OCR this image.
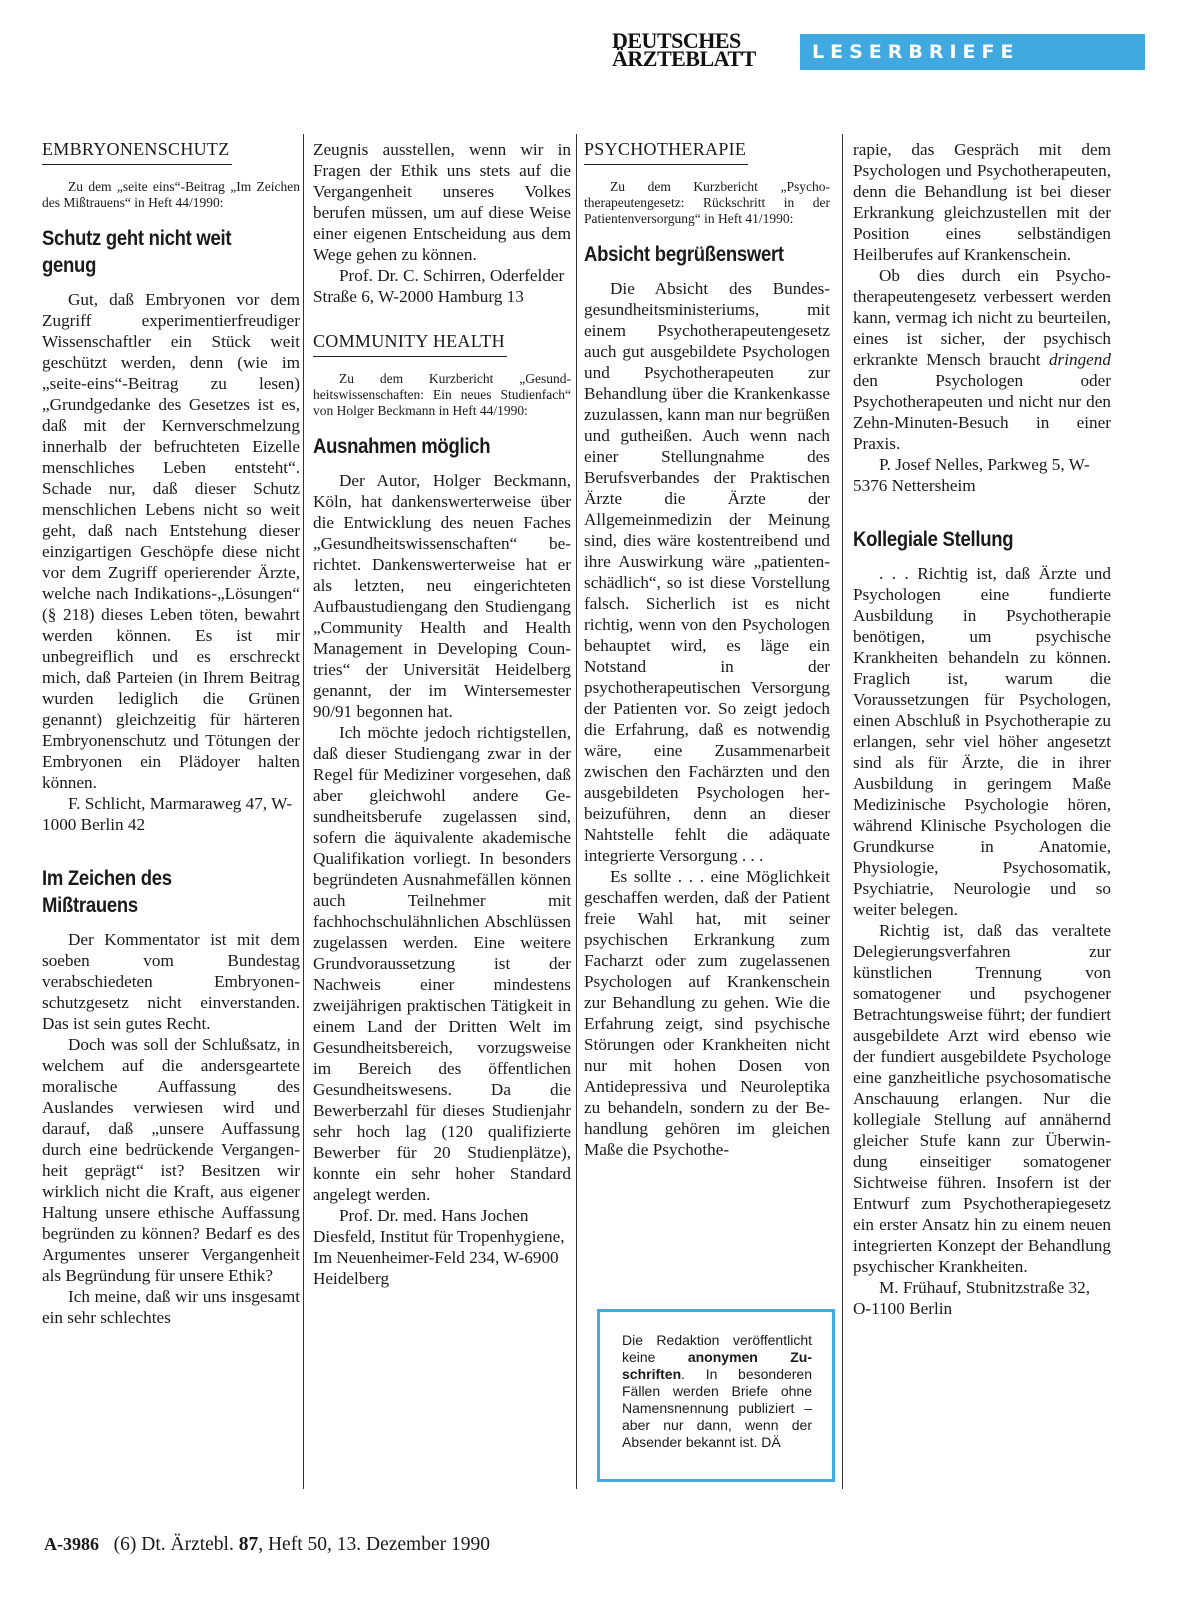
DEUTSCHES
ÄRZTEBLATT	LESERBRIEFE
EMBRYONENSCHUTZ
Zu dem „seite eins“-Beitrag „Im Zeichen des Mißtrauens“ in Heft 44/1990:
Schutz geht nicht weit genug

Gut, daß Embryonen vor dem Zugriff experimentierfreudiger Wissenschaftler ein Stück weit geschützt werden, denn (wie im „seite-eins“-Beitrag zu lesen) „Grundgedanke des Gesetzes ist es, daß mit der Kernverschmelzung innerhalb der befruchteten Eizelle menschliches Leben entsteht“. Schade nur, daß dieser Schutz menschlichen Lebens nicht so weit geht, daß nach Entstehung dieser einzigartigen Geschöpfe diese nicht vor dem Zugriff operierender Ärzte, welche nach Indikations-„Lösungen“ (§ 218) dieses Leben töten, bewahrt werden können. Es ist mir unbegreiflich und es erschreckt mich, daß Parteien (in Ihrem Beitrag wurden lediglich die Grünen genannt) gleichzeitig für härteren Embryonenschutz und Tötungen der Embryonen ein Plädoyer halten können.

F. Schlicht, Marmaraweg 47, W-1000 Berlin 42

Im Zeichen des Mißtrauens

Der Kommentator ist mit dem soeben vom Bundestag verabschiedeten Embryonenschutzgesetz nicht einverstanden. Das ist sein gutes Recht.

Doch was soll der Schlußsatz, in welchem auf die andersgeartete moralische Auffassung des Auslandes verwiesen wird und darauf, daß „unsere Auffassung durch eine bedrückende Vergangenheit geprägt“ ist? Besitzen wir wirklich nicht die Kraft, aus eigener Haltung unsere ethische Auffassung begründen zu können? Bedarf es des Argumentes unserer Vergangenheit als Begründung für unsere Ethik?

Ich meine, daß wir uns insgesamt ein sehr schlechtes

Zeugnis ausstellen, wenn wir in Fragen der Ethik uns stets auf die Vergangenheit unseres Volkes berufen müssen, um auf diese Weise einer eigenen Entscheidung aus dem Wege gehen zu können.

Prof. Dr. C. Schirren, Oderfelder Straße 6, W-2000 Hamburg 13

COMMUNITY HEALTH
Zu dem Kurzbericht „Gesundheitswissenschaften: Ein neues Studienfach“ von Holger Beckmann in Heft 44/1990:
Ausnahmen möglich

Der Autor, Holger Beckmann, Köln, hat dankenswerterweise über die Entwicklung des neuen Faches „Gesundheitswissenschaften“ berichtet. Dankenswerterweise hat er als letzten, neu eingerichteten Aufbaustudiengang den Studiengang „Community Health and Health Management in Developing Countries“ der Universität Heidelberg genannt, der im Wintersemester 90/91 begonnen hat.

Ich möchte jedoch richtigstellen, daß dieser Studiengang zwar in der Regel für Mediziner vorgesehen, daß aber gleichwohl andere Gesundheitsberufe zugelassen sind, sofern die äquivalente akademische Qualifikation vorliegt. In besonders begründeten Ausnahmefällen können auch Teilnehmer mit fachhochschulähnlichen Abschlüssen zugelassen werden. Eine weitere Grundvoraussetzung ist der Nachweis einer mindestens zweijährigen praktischen Tätigkeit in einem Land der Dritten Welt im Gesundheitsbereich, vorzugsweise im Bereich des öffentlichen Gesundheitswesens. Da die Bewerberzahl für dieses Studienjahr sehr hoch lag (120 qualifizierte Bewerber für 20 Studienplätze), konnte ein sehr hoher Standard angelegt werden.

Prof. Dr. med. Hans Jochen Diesfeld, Institut für Tropenhygiene, Im Neuenheimer-Feld 234, W-6900 Heidelberg

PSYCHOTHERAPIE
Zu dem Kurzbericht „Psychotherapeutengesetz: Rückschritt in der Patientenversorgung“ in Heft 41/1990:
Absicht begrüßenswert

Die Absicht des Bundesgesundheitsministeriums, mit einem Psychotherapeutengesetz auch gut ausgebildete Psychologen und Psychotherapeuten zur Behandlung über die Krankenkasse zuzulassen, kann man nur begrüßen und gutheißen. Auch wenn nach einer Stellungnahme des Berufsverbandes der Praktischen Ärzte die Ärzte der Allgemeinmedizin der Meinung sind, dies wäre kostentreibend und ihre Auswirkung wäre „patientenschädlich“, so ist diese Vorstellung falsch. Sicherlich ist es nicht richtig, wenn von den Psychologen behauptet wird, es läge ein Notstand in der psychotherapeutischen Versorgung der Patienten vor. So zeigt jedoch die Erfahrung, daß es notwendig wäre, eine Zusammenarbeit zwischen den Fachärzten und den ausgebildeten Psychologen herbeizuführen, denn an dieser Nahtstelle fehlt die adäquate integrierte Versorgung . . .

Es sollte . . . eine Möglichkeit geschaffen werden, daß der Patient freie Wahl hat, mit seiner psychischen Erkrankung zum Facharzt oder zum zugelassenen Psychologen auf Krankenschein zur Behandlung zu gehen. Wie die Erfahrung zeigt, sind psychische Störungen oder Krankheiten nicht nur mit hohen Dosen von Antidepressiva und Neuroleptika zu behandeln, sondern zu der Behandlung gehören im gleichen Maße die Psychothe-

Die Redaktion veröffentlicht keine anonymen Zuschriften. In besonderen Fällen werden Briefe ohne Namensnennung publiziert – aber nur dann, wenn der Absender bekannt ist. DÄ

rapie, das Gespräch mit dem Psychologen und Psychotherapeuten, denn die Behandlung ist bei dieser Erkrankung gleichzustellen mit der Position eines selbständigen Heilberufes auf Krankenschein.

Ob dies durch ein Psychotherapeutengesetz verbessert werden kann, vermag ich nicht zu beurteilen, eines ist sicher, der psychisch erkrankte Mensch braucht dringend den Psychologen oder Psychotherapeuten und nicht nur den Zehn-Minuten-Besuch in einer Praxis.

P. Josef Nelles, Parkweg 5, W-5376 Nettersheim

Kollegiale Stellung

. . . Richtig ist, daß Ärzte und Psychologen eine fundierte Ausbildung in Psychotherapie benötigen, um psychische Krankheiten behandeln zu können. Fraglich ist, warum die Voraussetzungen für Psychologen, einen Abschluß in Psychotherapie zu erlangen, sehr viel höher angesetzt sind als für Ärzte, die in ihrer Ausbildung in geringem Maße Medizinische Psychologie hören, während Klinische Psychologen die Grundkurse in Anatomie, Physiologie, Psychosomatik, Psychiatrie, Neurologie und so weiter belegen.

Richtig ist, daß das veraltete Delegierungsverfahren zur künstlichen Trennung von somatogener und psychogener Betrachtungsweise führt; der fundiert ausgebildete Arzt wird ebenso wie der fundiert ausgebildete Psychologe eine ganzheitliche psychosomatische Anschauung erlangen. Nur die kollegiale Stellung auf annähernd gleicher Stufe kann zur Überwindung einseitiger somatogener Sichtweise führen. Insofern ist der Entwurf zum Psychotherapiegesetz ein erster Ansatz hin zu einem neuen integrierten Konzept der Behandlung psychischer Krankheiten.

M. Frühauf, Stubnitzstraße 32, O-1100 Berlin

A-3986 (6) Dt. Ärztebl. 87, Heft 50, 13. Dezember 1990
